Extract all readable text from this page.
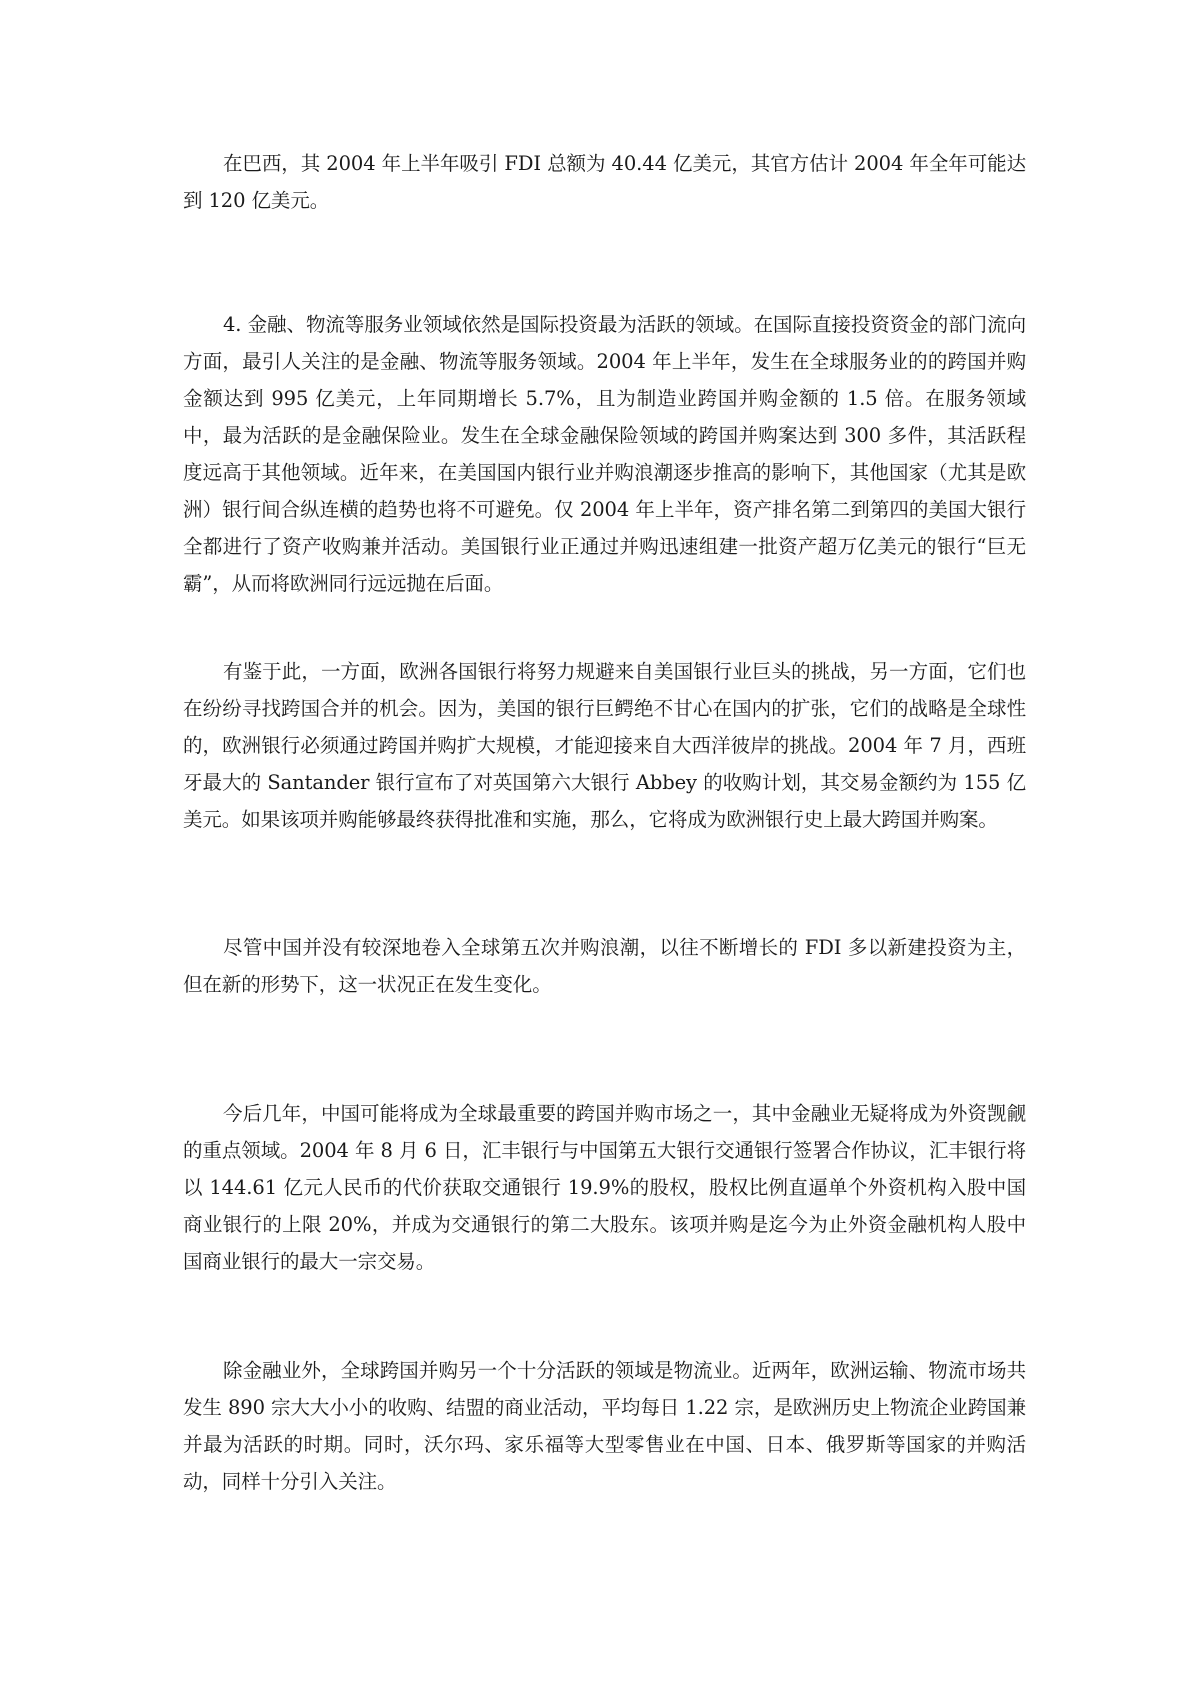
在巴西，其 2004 年上半年吸引 FDI 总额为 40.44 亿美元，其官方估计 2004 年全年可能达到 120 亿美元。

4. 金融、物流等服务业领域依然是国际投资最为活跃的领域。在国际直接投资资金的部门流向方面，最引人关注的是金融、物流等服务领域。2004 年上半年，发生在全球服务业的的跨国并购金额达到 995 亿美元，上年同期增长 5.7%，且为制造业跨国并购金额的 1.5 倍。在服务领域中，最为活跃的是金融保险业。发生在全球金融保险领域的跨国并购案达到 300 多件，其活跃程度远高于其他领域。近年来，在美国国内银行业并购浪潮逐步推高的影响下，其他国家（尤其是欧洲）银行间合纵连横的趋势也将不可避免。仅 2004 年上半年，资产排名第二到第四的美国大银行全都进行了资产收购兼并活动。美国银行业正通过并购迅速组建一批资产超万亿美元的银行“巨无霸”，从而将欧洲同行远远抛在后面。

有鉴于此，一方面，欧洲各国银行将努力规避来自美国银行业巨头的挑战，另一方面，它们也在纷纷寻找跨国合并的机会。因为，美国的银行巨鳄绝不甘心在国内的扩张，它们的战略是全球性的，欧洲银行必须通过跨国并购扩大规模，才能迎接来自大西洋彼岸的挑战。2004 年 7 月，西班牙最大的 Santander 银行宣布了对英国第六大银行 Abbey 的收购计划，其交易金额约为 155 亿美元。如果该项并购能够最终获得批准和实施，那么，它将成为欧洲银行史上最大跨国并购案。

尽管中国并没有较深地卷入全球第五次并购浪潮，以往不断增长的 FDI 多以新建投资为主，但在新的形势下，这一状况正在发生变化。

今后几年，中国可能将成为全球最重要的跨国并购市场之一，其中金融业无疑将成为外资觊觎的重点领域。2004 年 8 月 6 日，汇丰银行与中国第五大银行交通银行签署合作协议，汇丰银行将以 144.61 亿元人民币的代价获取交通银行 19.9%的股权，股权比例直逼单个外资机构入股中国商业银行的上限 20%，并成为交通银行的第二大股东。该项并购是迄今为止外资金融机构人股中国商业银行的最大一宗交易。

除金融业外，全球跨国并购另一个十分活跃的领域是物流业。近两年，欧洲运输、物流市场共发生 890 宗大大小小的收购、结盟的商业活动，平均每日 1.22 宗，是欧洲历史上物流企业跨国兼并最为活跃的时期。同时，沃尔玛、家乐福等大型零售业在中国、日本、俄罗斯等国家的并购活动，同样十分引入关注。
